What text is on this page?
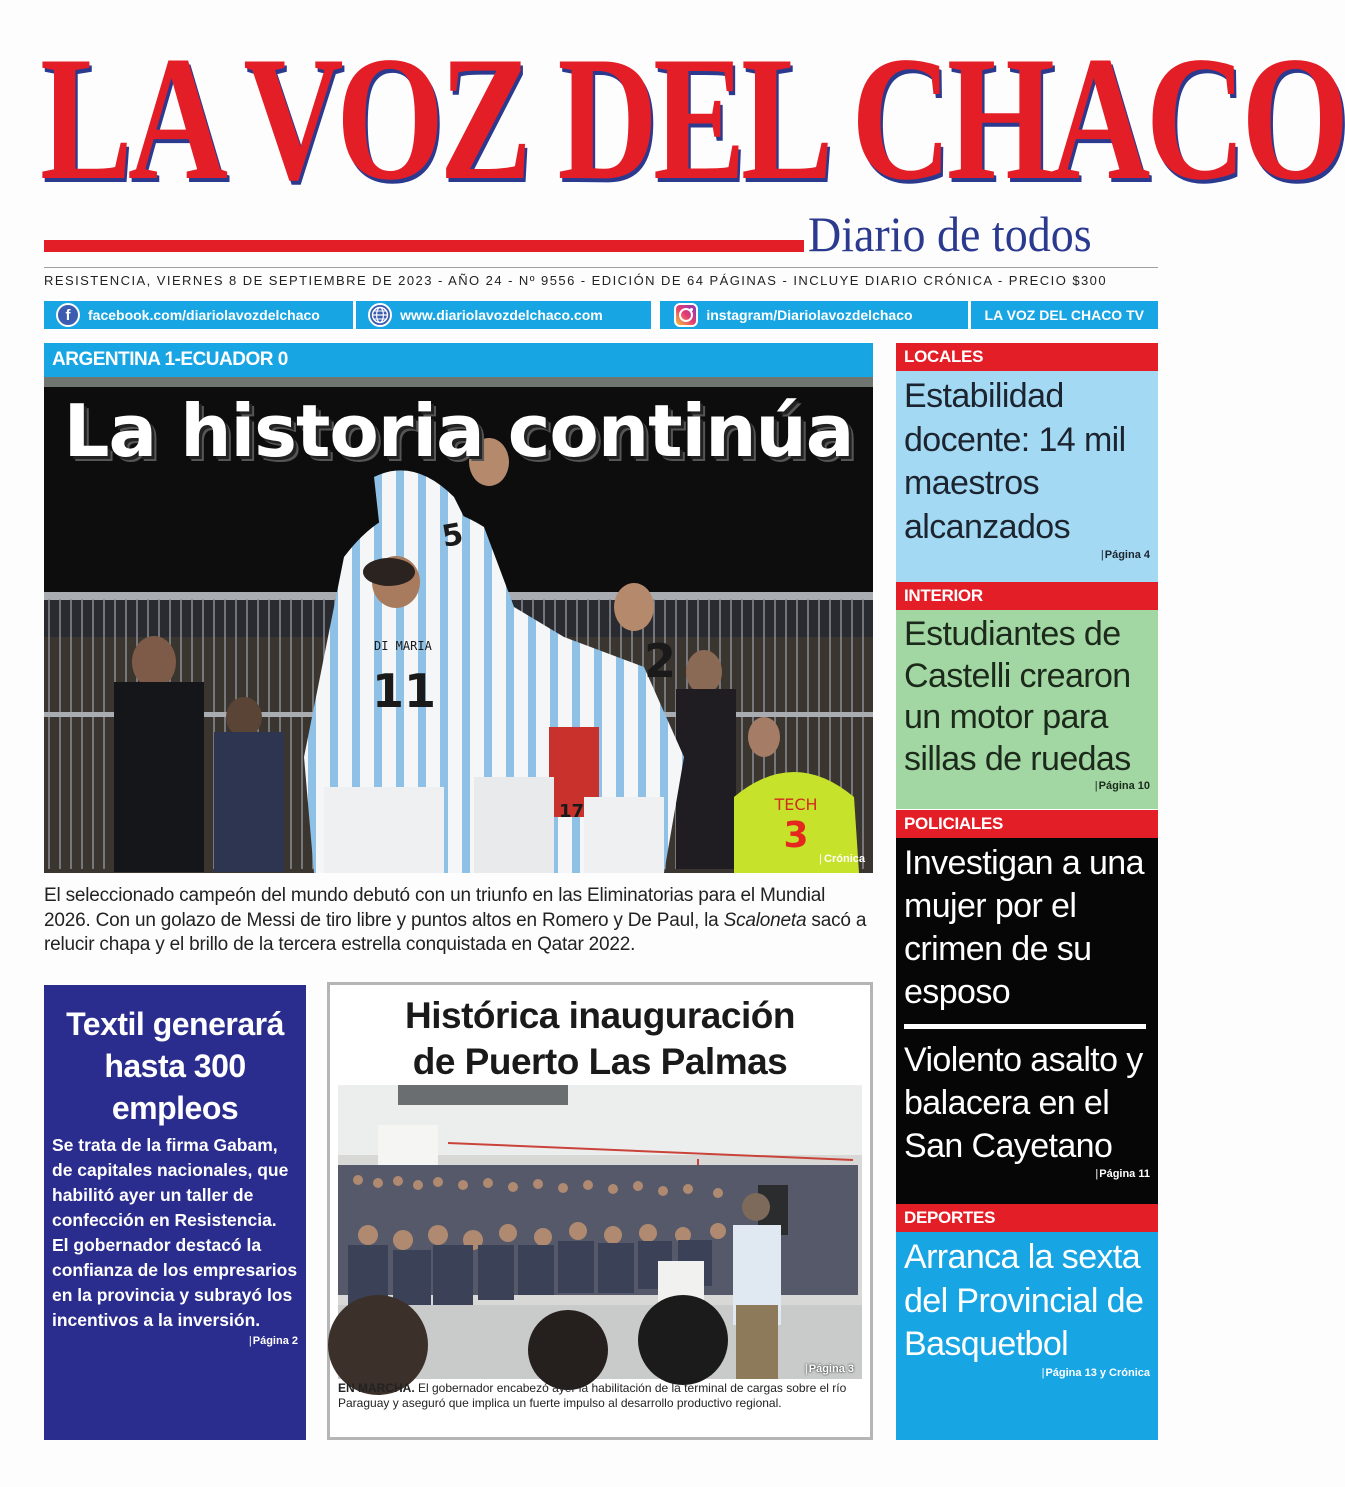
LA VOZ DEL CHACO
Diario de todos
RESISTENCIA, VIERNES 8 DE SEPTIEMBRE DE 2023 - AÑO 24 - Nº 9556 - EDICIÓN DE 64 PÁGINAS - INCLUYE DIARIO CRÓNICA - PRECIO $300
f	facebook.com/diariolavozdelchaco	www.diariolavozdelchaco.com	instagram/Diariolavozdelchaco	LA VOZ DEL CHACO TV
ARGENTINA 1-ECUADOR 0
TECH
3
5
DI MARIA
11
2
17
La historia continúa
| Crónica

El seleccionado campeón del mundo debutó con un triunfo en las Eliminatorias para el Mundial 2026. Con un golazo de Messi de tiro libre y puntos altos en Romero y De Paul, la Scaloneta sacó a relucir chapa y el brillo de la tercera estrella conquistada en Qatar 2022.

Textil generará hasta 300 empleos
Se trata de la firma Gabam, de capitales nacionales, que habilitó ayer un taller de confección en Resistencia. El gobernador destacó la confianza de los empresarios en la provincia y subrayó los incentivos a la inversión.
| Página 2
Histórica inauguración
de Puerto Las Palmas
| Página 3
EN MARCHA. El gobernador encabezó ayer la habilitación de la terminal de cargas sobre el río Paraguay y aseguró que implica un fuerte impulso al desarrollo productivo regional.
LOCALES
Estabilidad docente: 14 mil maestros alcanzados
| Página 4
INTERIOR
Estudiantes de Castelli crearon un motor para sillas de ruedas
| Página 10
POLICIALES
Investigan a una mujer por el crimen de su esposo
Violento asalto y balacera en el San Cayetano
| Página 11
DEPORTES
Arranca la sexta del Provincial de Basquetbol
| Página 13 y Crónica
